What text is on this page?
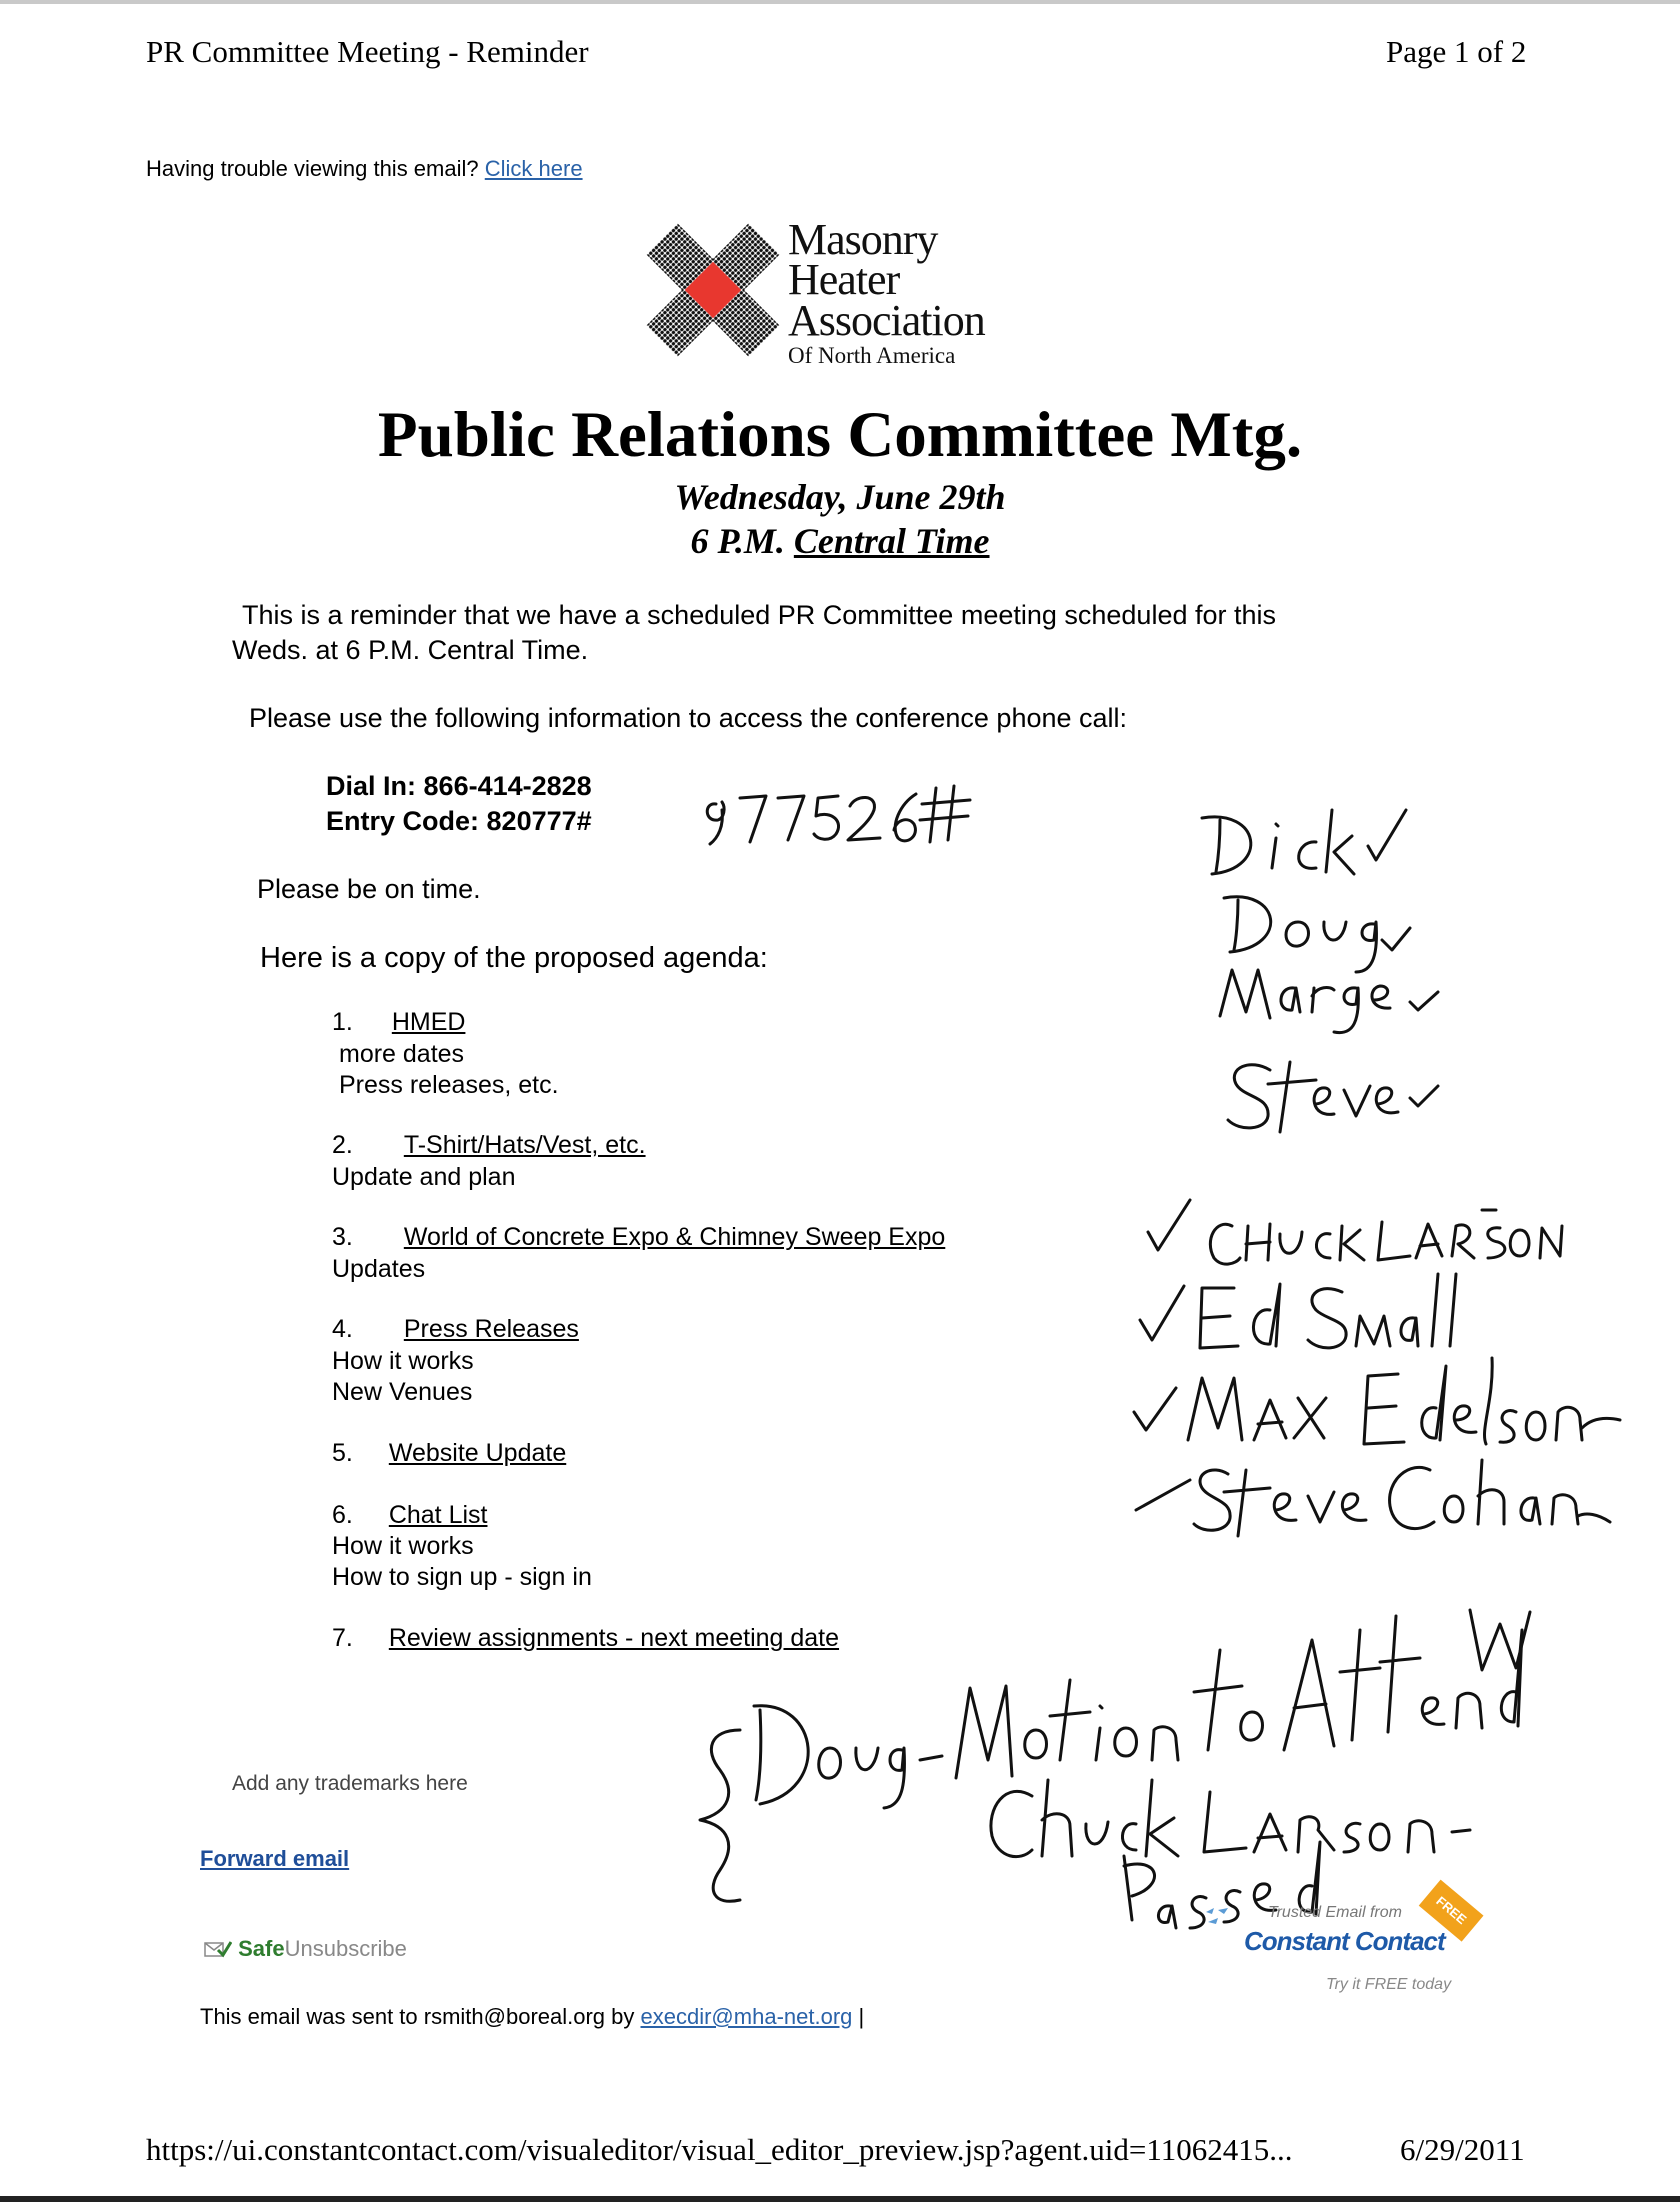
PR Committee Meeting - Reminder	Page 1 of 2
Having trouble viewing this email? Click here
Masonry
Heater
Association
Of North America
Public Relations Committee Mtg.
Wednesday, June 29th
6 P.M. Central Time
This is a reminder that we have a scheduled PR Committee meeting scheduled for this
Weds. at 6 P.M. Central Time.
Please use the following information to access the conference phone call:
Dial In: 866-414-2828
Entry Code: 820777#
Please be on time.
Here is a copy of the proposed agenda:
1. HMED
more dates
Press releases, etc.
2. T-Shirt/Hats/Vest, etc.
Update and plan
3. World of Concrete Expo & Chimney Sweep Expo
Updates
4. Press Releases
How it works
New Venues
5. Website Update
6. Chat List
How it works
How to sign up - sign in
7. Review assignments - next meeting date
Add any trademarks here
Forward email
SafeUnsubscribe
Trusted Email from
Constant Contact
FREE
Try it FREE today
This email was sent to rsmith@boreal.org by execdir@mha-net.org |
https://ui.constantcontact.com/visualeditor/visual_editor_preview.jsp?agent.uid=11062415...	6/29/2011
